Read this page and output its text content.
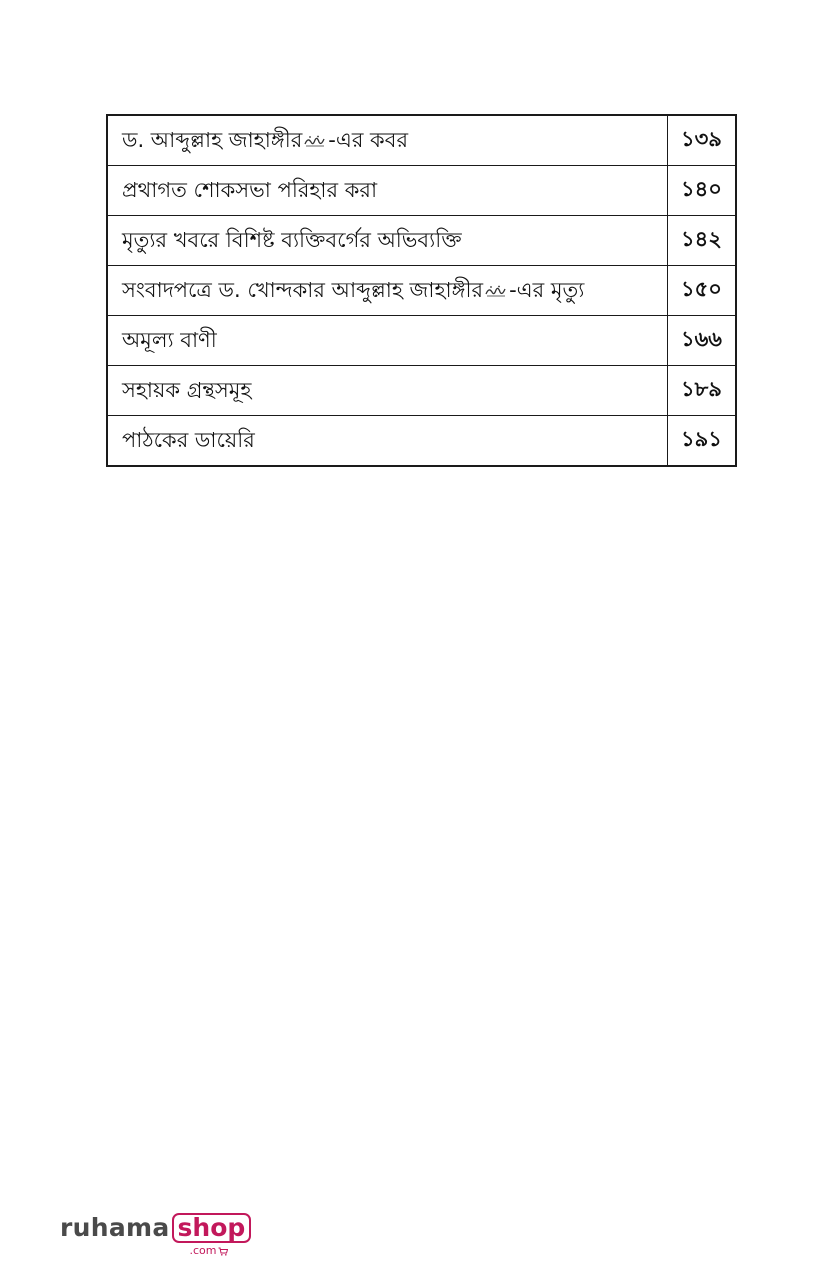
ড. আব্দুল্লাহ জাহাঙ্গীর -এর কবর	১৩৯
প্রথাগত শোকসভা পরিহার করা	১৪০
মৃত্যুর খবরে বিশিষ্ট ব্যক্তিবর্গের অভিব্যক্তি	১৪২
সংবাদপত্রে ড. খোন্দকার আব্দুল্লাহ জাহাঙ্গীর -এর মৃত্যু	১৫০
অমূল্য বাণী	১৬৬
সহায়ক গ্রন্থসমূহ	১৮৯
পাঠকের ডায়েরি	১৯১
ruhama shop
.com
